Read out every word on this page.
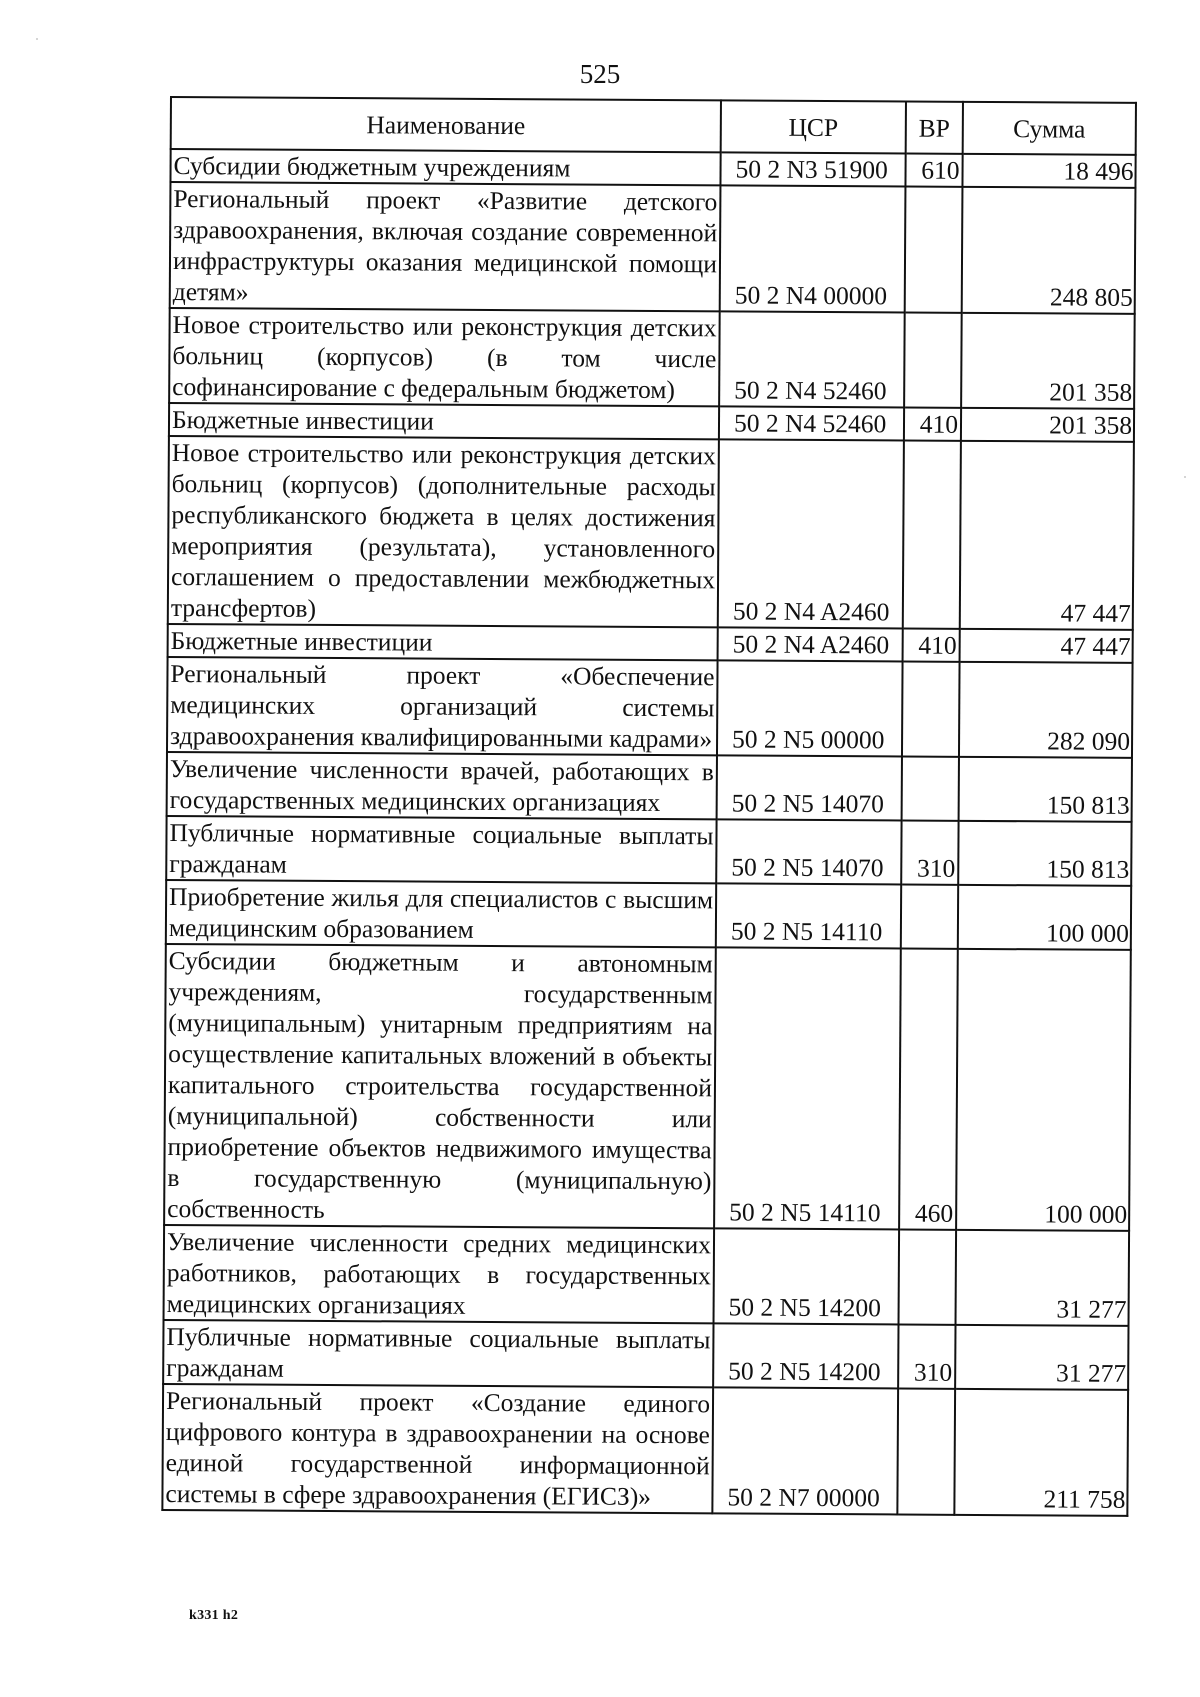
525
Наименование	ЦСР	ВР	Сумма
Субсидии бюджетным учреждениям	50 2 N3 51900	610	18 496
Региональный проект «Развитие детского здравоохранения, включая создание современной инфраструктуры оказания медицинской помощи детям»	50 2 N4 00000		248 805
Новое строительство или реконструкция детских больниц (корпусов) (в том числе софинансирование с федеральным бюджетом)	50 2 N4 52460		201 358
Бюджетные инвестиции	50 2 N4 52460	410	201 358
Новое строительство или реконструкция детских больниц (корпусов) (дополнительные расходы республиканского бюджета в целях достижения мероприятия (результата), установленного соглашением о предоставлении межбюджетных трансфертов)	50 2 N4 A2460		47 447
Бюджетные инвестиции	50 2 N4 A2460	410	47 447
Региональный проект «Обеспечение медицинских организаций системы здравоохранения квалифицированными кадрами»	50 2 N5 00000		282 090
Увеличение численности врачей, работающих в государственных медицинских организациях	50 2 N5 14070		150 813
Публичные нормативные социальные выплаты гражданам	50 2 N5 14070	310	150 813
Приобретение жилья для специалистов с высшим медицинским образованием	50 2 N5 14110		100 000
Субсидии бюджетным и автономным учреждениям, государственным (муниципальным) унитарным предприятиям на осуществление капитальных вложений в объекты капитального строительства государственной (муниципальной) собственности или приобретение объектов недвижимого имущества в государственную (муниципальную) собственность	50 2 N5 14110	460	100 000
Увеличение численности средних медицинских работников, работающих в государственных медицинских организациях	50 2 N5 14200		31 277
Публичные нормативные социальные выплаты гражданам	50 2 N5 14200	310	31 277
Региональный проект «Создание единого цифрового контура в здравоохранении на основе единой государственной информационной системы в сфере здравоохранения (ЕГИСЗ)»	50 2 N7 00000		211 758
k331 h2
